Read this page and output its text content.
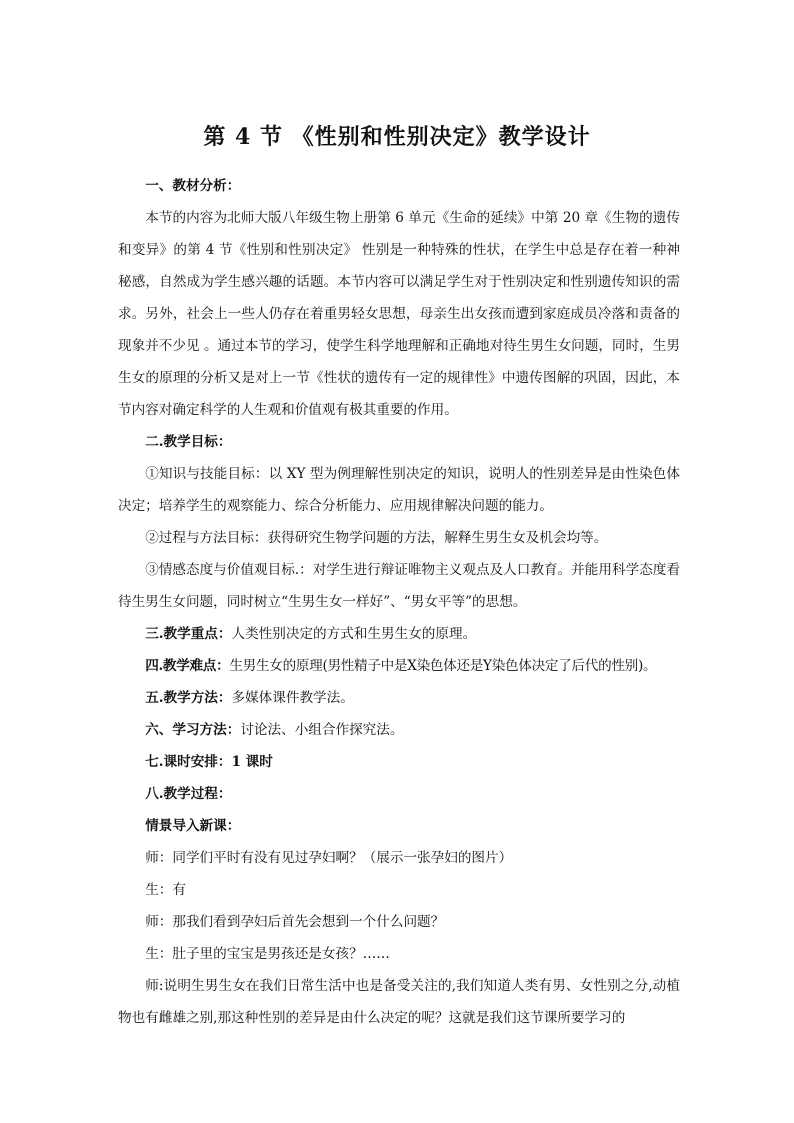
第 4 节 《性别和性别决定》教学设计

一、教材分析：

本节的内容为北师大版八年级生物上册第 6 单元《生命的延续》中第 20 章《生物的遗传和变异》的第 4 节《性别和性别决定》 性别是一种特殊的性状，在学生中总是存在着一种神秘感，自然成为学生感兴趣的话题。本节内容可以满足学生对于性别决定和性别遗传知识的需求。另外，社会上一些人仍存在着重男轻女思想，母亲生出女孩而遭到家庭成员冷落和责备的现象并不少见 。通过本节的学习，使学生科学地理解和正确地对待生男生女问题，同时，生男生女的原理的分析又是对上一节《性状的遗传有一定的规律性》中遗传图解的巩固，因此，本节内容对确定科学的人生观和价值观有极其重要的作用。

二.教学目标：

①知识与技能目标：以 XY 型为例理解性别决定的知识，说明人的性别差异是由性染色体决定；培养学生的观察能力、综合分析能力、应用规律解决问题的能力。

②过程与方法目标：获得研究生物学问题的方法，解释生男生女及机会均等。

③情感态度与价值观目标.：对学生进行辩证唯物主义观点及人口教育。并能用科学态度看待生男生女问题，同时树立“生男生女一样好”、“男女平等”的思想。

三.教学重点：人类性别决定的方式和生男生女的原理。

四.教学难点：生男生女的原理(男性精子中是X染色体还是Y染色体决定了后代的性别)。

五.教学方法：多媒体课件教学法。

六、学习方法：讨论法、小组合作探究法。

七.课时安排：1 课时

八.教学过程：

情景导入新课：

师：同学们平时有没有见过孕妇啊？（展示一张孕妇的图片）

生：有

师：那我们看到孕妇后首先会想到一个什么问题？

生：肚子里的宝宝是男孩还是女孩？……

师:说明生男生女在我们日常生活中也是备受关注的,我们知道人类有男、女性别之分,动植物也有雌雄之别,那这种性别的差异是由什么决定的呢？这就是我们这节课所要学习的
